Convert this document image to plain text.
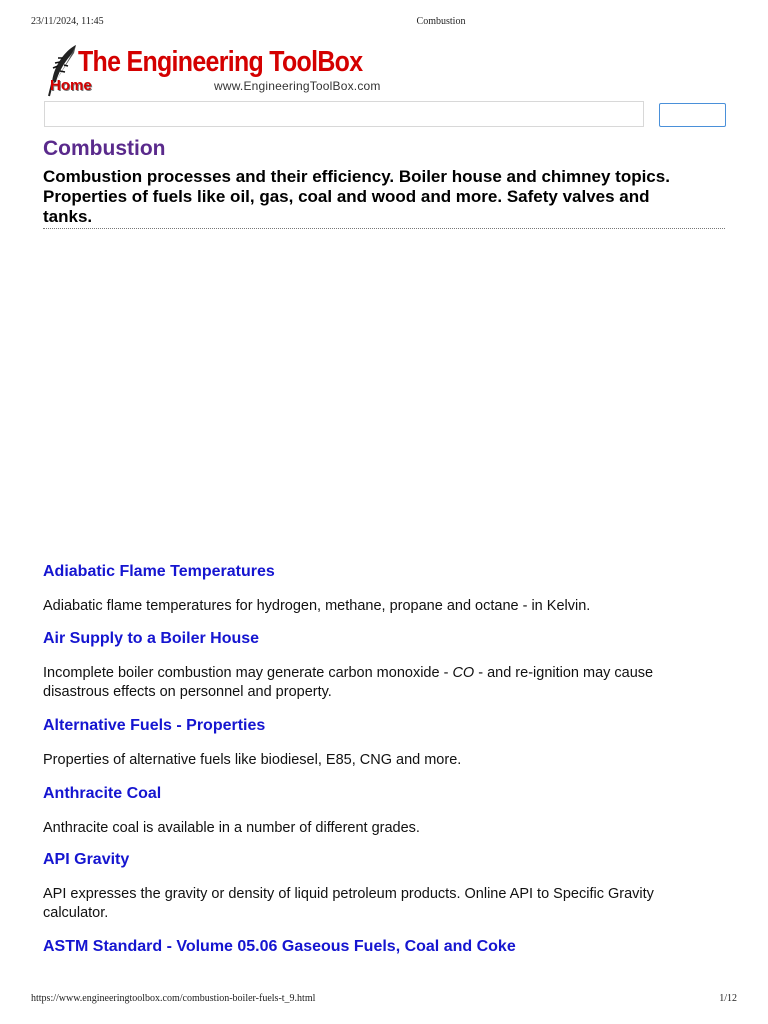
23/11/2024, 11:45	Combustion
The Engineering ToolBox
Home	www.EngineeringToolBox.com
Combustion

Combustion processes and their efficiency. Boiler house and chimney topics. Properties of fuels like oil, gas, coal and wood and more. Safety valves and tanks.

Adiabatic Flame Temperatures

Adiabatic flame temperatures for hydrogen, methane, propane and octane - in Kelvin.

Air Supply to a Boiler House

Incomplete boiler combustion may generate carbon monoxide - CO - and re-ignition may cause disastrous effects on personnel and property.

Alternative Fuels - Properties

Properties of alternative fuels like biodiesel, E85, CNG and more.

Anthracite Coal

Anthracite coal is available in a number of different grades.

API Gravity

API expresses the gravity or density of liquid petroleum products. Online API to Specific Gravity calculator.

ASTM Standard - Volume 05.06 Gaseous Fuels, Coal and Coke
https://www.engineeringtoolbox.com/combustion-boiler-fuels-t_9.html	1/12
